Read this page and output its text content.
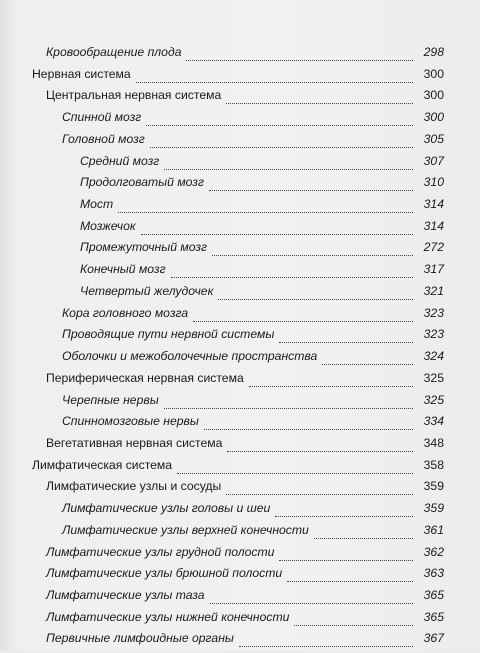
Кровообращение плода	298
Нервная система	300
Центральная нервная система	300
Спинной мозг	300
Головной мозг	305
Средний мозг	307
Продолговатый мозг	310
Мост	314
Мозжечок	314
Промежуточный мозг	272
Конечный мозг	317
Четвертый желудочек	321
Кора головного мозга	323
Проводящие пути нервной системы	323
Оболочки и межоболочечные пространства	324
Периферическая нервная система	325
Черепные нервы	325
Спинномозговые нервы	334
Вегетативная нервная система	348
Лимфатическая система	358
Лимфатические узлы и сосуды	359
Лимфатические узлы головы и шеи	359
Лимфатические узлы верхней конечности	361
Лимфатические узлы грудной полости	362
Лимфатические узлы брюшной полости	363
Лимфатические узлы таза	365
Лимфатические узлы нижней конечности	365
Первичные лимфоидные органы	367
